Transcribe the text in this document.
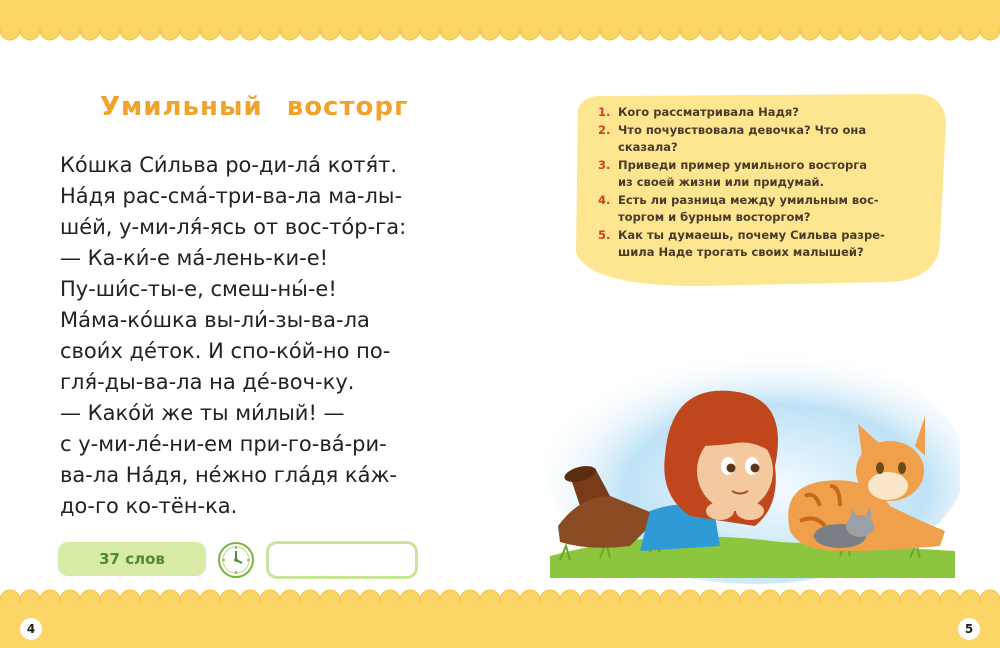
Умильный восторг
Ко́шка Си́льва ро-ди-ла́ котя́т.
На́дя рас-смá-три-ва-ла ма-лы-
ше́й, у-ми-ля́-ясь от вос-то́р-га:
— Ка-ки́-е ма́-лень-ки-е!
Пу-ши́с-ты-е, смеш-ны́-е!
Ма́ма-ко́шка вы-ли́-зы-ва-ла
свои́х де́ток. И спо-ко́й-но по-
гля́-ды-ва-ла на де́-воч-ку.
— Како́й же ты ми́лый! —
с у-ми-ле́-ни-ем при-го-ва́-ри-
ва-ла На́дя, не́жно гла́дя ка́ж-
до-го ко-тён-ка.
37 слов
1. Кого рассматривала Надя?
2. Что почувствовала девочка? Что она
сказала?
3. Приведи пример умильного восторга
из своей жизни или придумай.
4. Есть ли разница между умильным вос-
торгом и бурным восторгом?
5. Как ты думаешь, почему Сильва разре-
шила Наде трогать своих малышей?
4	5
